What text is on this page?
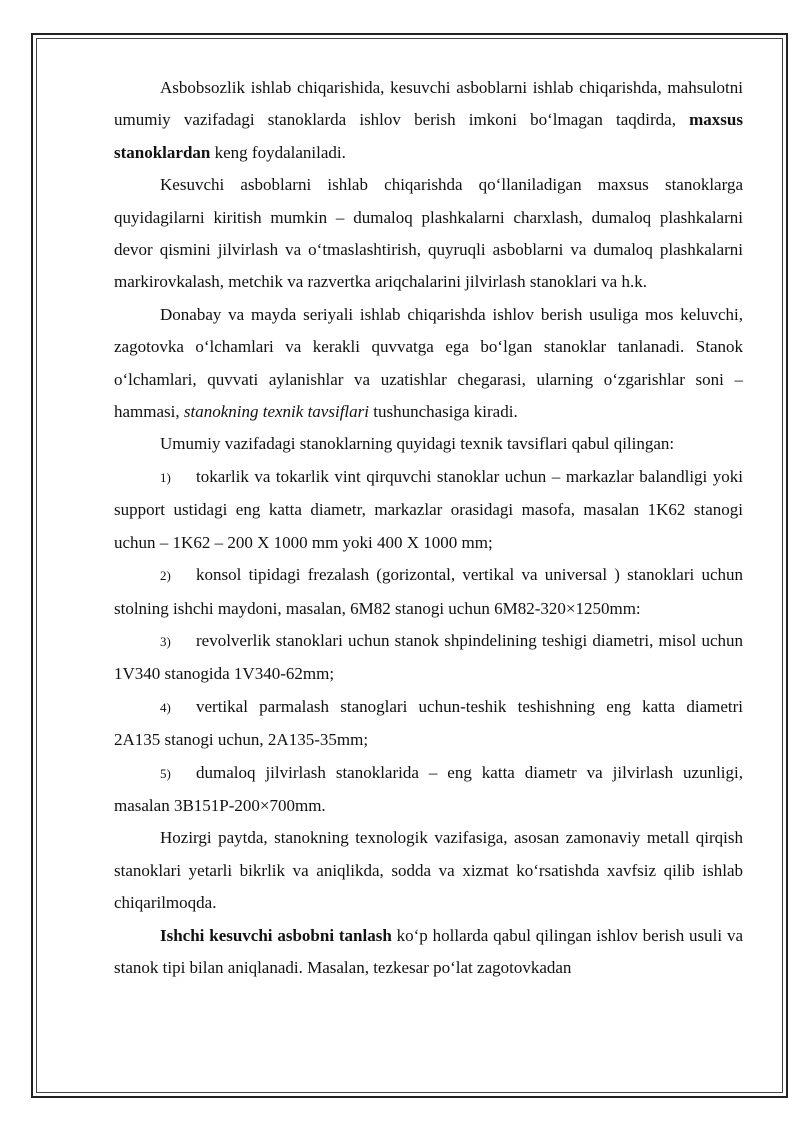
Asbobsozlik ishlab chiqarishida, kesuvchi asboblarni ishlab chiqarishda, mahsulotni umumiy vazifadagi stanoklarda ishlov berish imkoni bo‘lmagan taqdirda, maxsus stanoklardan keng foydalaniladi.

Kesuvchi asboblarni ishlab chiqarishda qo‘llaniladigan maxsus stanoklarga quyidagilarni kiritish mumkin – dumaloq plashkalarni charxlash, dumaloq plashkalarni devor qismini jilvirlash va o‘tmaslashtirish, quyruqli asboblarni va dumaloq plashkalarni markirovkalash, metchik va razvertka ariqchalarini jilvirlash stanoklari va h.k.

Donabay va mayda seriyali ishlab chiqarishda ishlov berish usuliga mos keluvchi, zagotovka o‘lchamlari va kerakli quvvatga ega bo‘lgan stanoklar tanlanadi. Stanok o‘lchamlari, quvvati aylanishlar va uzatishlar chegarasi, ularning o‘zgarishlar soni – hammasi, stanokning texnik tavsiflari tushunchasiga kiradi.

Umumiy vazifadagi stanoklarning quyidagi texnik tavsiflari qabul qilingan:

1) tokarlik va tokarlik vint qirquvchi stanoklar uchun – markazlar balandligi yoki support ustidagi eng katta diametr, markazlar orasidagi masofa, masalan 1K62 stanogi uchun – 1K62 – 200 X 1000 mm yoki 400 X 1000 mm;

2) konsol tipidagi frezalash (gorizontal, vertikal va universal ) stanoklari uchun stolning ishchi maydoni, masalan, 6M82 stanogi uchun 6M82-320×1250mm:

3) revolverlik stanoklari uchun stanok shpindelining teshigi diametri, misol uchun 1V340 stanogida 1V340-62mm;

4) vertikal parmalash stanoglari uchun-teshik teshishning eng katta diametri 2A135 stanogi uchun, 2A135-35mm;

5) dumaloq jilvirlash stanoklarida – eng katta diametr va jilvirlash uzunligi, masalan 3B151P-200×700mm.

Hozirgi paytda, stanokning texnologik vazifasiga, asosan zamonaviy metall qirqish stanoklari yetarli bikrlik va aniqlikda, sodda va xizmat ko‘rsatishda xavfsiz qilib ishlab chiqarilmoqda.

Ishchi kesuvchi asbobni tanlash ko‘p hollarda qabul qilingan ishlov berish usuli va stanok tipi bilan aniqlanadi. Masalan, tezkesar po‘lat zagotovkadan
